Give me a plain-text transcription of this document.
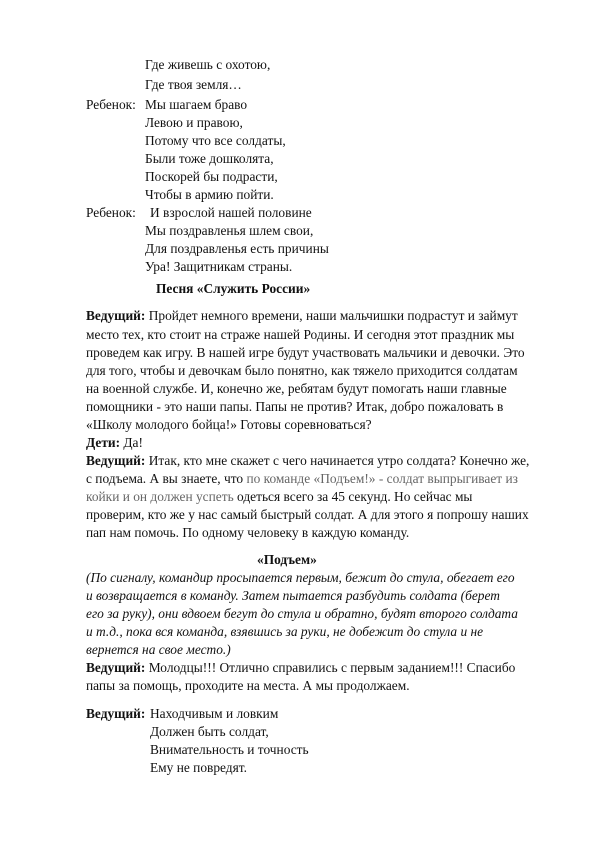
Где живешь с охотою,
Где твоя земля…
Ребенок: Мы шагаем браво
Левою и правою,
Потому что все солдаты,
Были тоже дошколята,
Поскорей бы подрасти,
Чтобы в армию пойти.
Ребенок: И взрослой нашей половине
Мы поздравленья шлем свои,
Для поздравленья есть причины
Ура! Защитникам страны.
Песня «Служить России»
Ведущий: Пройдет немного времени, наши мальчишки подрастут и займут
место тех, кто стоит на страже нашей Родины. И сегодня этот праздник мы
проведем как игру. В нашей игре будут участвовать мальчики и девочки. Это
для того, чтобы и девочкам было понятно, как тяжело приходится солдатам
на военной службе. И, конечно же, ребятам будут помогать наши главные
помощники - это наши папы. Папы не против? Итак, добро пожаловать в
«Школу молодого бойца!» Готовы соревноваться?
Дети: Да!
Ведущий: Итак, кто мне скажет с чего начинается утро солдата? Конечно же,
с подъема. А вы знаете, что по команде «Подъем!» - солдат выпрыгивает из
койки и он должен успеть одеться всего за 45 секунд. Но сейчас мы
проверим, кто же у нас самый быстрый солдат. А для этого я попрошу наших
пап нам помочь. По одному человеку в каждую команду.
«Подъем»
(По сигналу, командир просыпается первым, бежит до стула, обегает его
и возвращается в команду. Затем пытается разбудить солдата (берет
его за руку), они вдвоем бегут до стула и обратно, будят второго солдата
и т.д., пока вся команда, взявшись за руки, не добежит до стула и не
вернется на свое место.)
Ведущий: Молодцы!!! Отлично справились с первым заданием!!! Спасибо
папы за помощь, проходите на места. А мы продолжаем.
Ведущий: Находчивым и ловким
Должен быть солдат,
Внимательность и точность
Ему не повредят.
